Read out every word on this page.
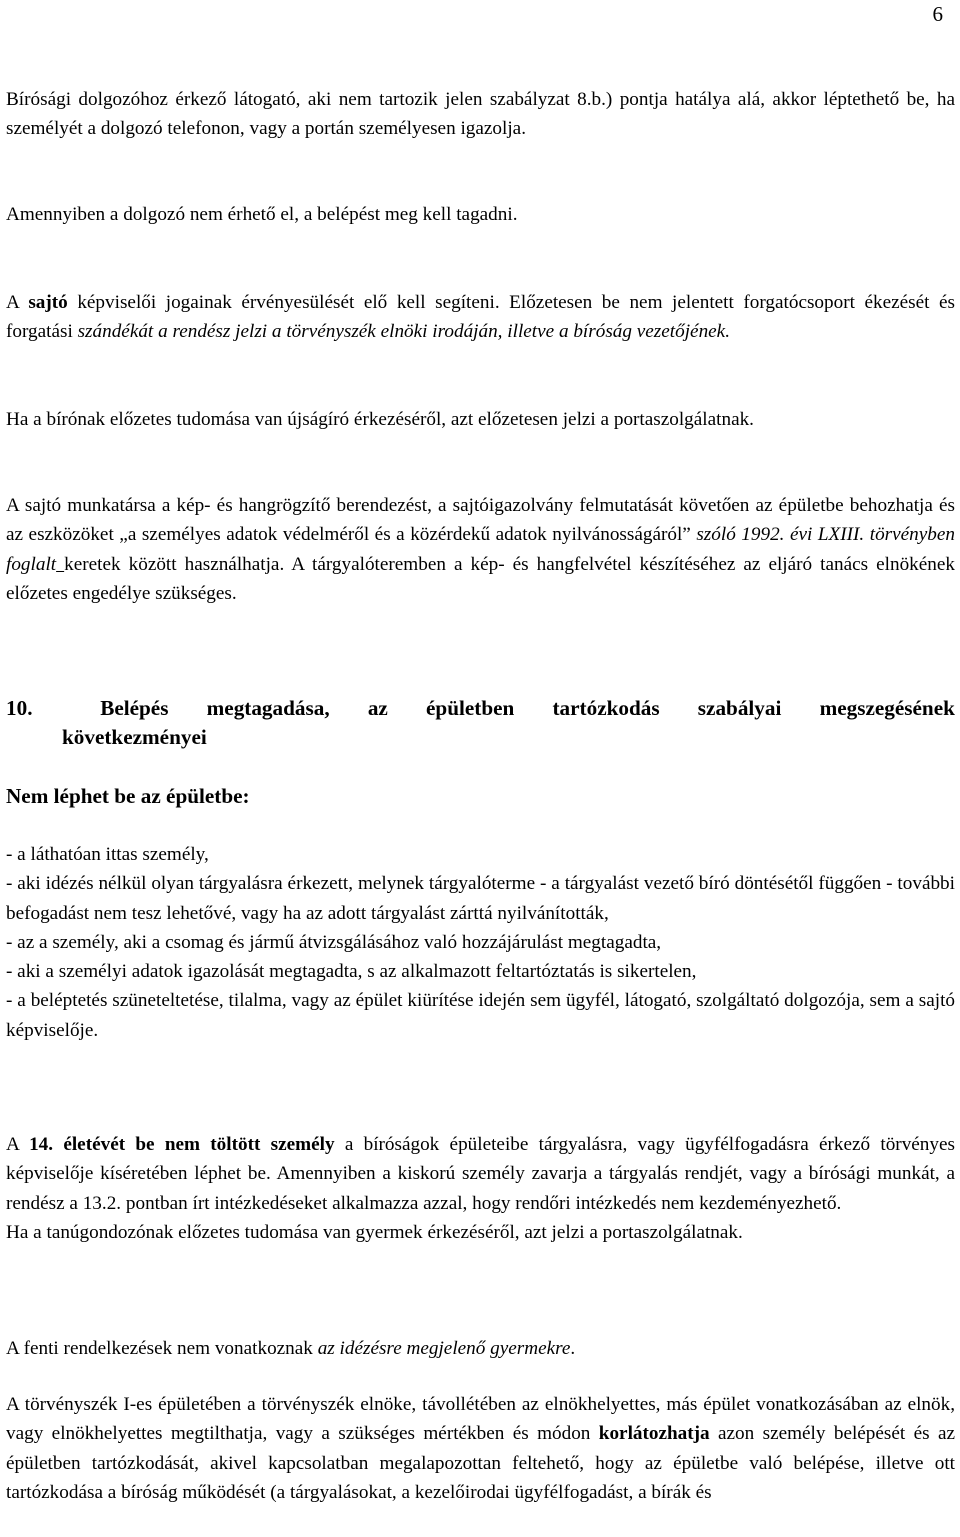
6

Bírósági dolgozóhoz érkező látogató, aki nem tartozik jelen szabályzat 8.b.) pontja hatálya alá, akkor léptethető be, ha személyét a dolgozó telefonon, vagy a portán személyesen igazolja.

Amennyiben a dolgozó nem érhető el, a belépést meg kell tagadni.

A sajtó képviselői jogainak érvényesülését elő kell segíteni. Előzetesen be nem jelentett forgatócsoport ékezését és forgatási szándékát a rendész jelzi a törvényszék elnöki irodáján, illetve a bíróság vezetőjének.

Ha a bírónak előzetes tudomása van újságíró érkezéséről, azt előzetesen jelzi a portaszolgálatnak.

A sajtó munkatársa a kép- és hangrögzítő berendezést, a sajtóigazolvány felmutatását követően az épületbe behozhatja és az eszközöket „a személyes adatok védelméről és a közérdekű adatok nyilvánosságáról” szóló 1992. évi LXIII. törvényben foglalt keretek között használhatja. A tárgyalóteremben a kép- és hangfelvétel készítéséhez az eljáró tanács elnökének előzetes engedélye szükséges.

10.	Belépés megtagadása, az épületben tartózkodás szabályai megszegésének
következményei
Nem léphet be az épületbe:
- a láthatóan ittas személy,
- aki idézés nélkül olyan tárgyalásra érkezett, melynek tárgyalóterme - a tárgyalást vezető bíró döntésétől függően - további befogadást nem tesz lehetővé, vagy ha az adott tárgyalást zárttá nyilvánították,
- az a személy, aki a csomag és jármű átvizsgálásához való hozzájárulást megtagadta,
- aki a személyi adatok igazolását megtagadta, s az alkalmazott feltartóztatás is sikertelen,
- a beléptetés szüneteltetése, tilalma, vagy az épület kiürítése idején sem ügyfél, látogató, szolgáltató dolgozója, sem a sajtó képviselője.
A 14. életévét be nem töltött személy a bíróságok épületeibe tárgyalásra, vagy ügyfélfogadásra érkező törvényes képviselője kíséretében léphet be. Amennyiben a kiskorú személy zavarja a tárgyalás rendjét, vagy a bírósági munkát, a rendész a 13.2. pontban írt intézkedéseket alkalmazza azzal, hogy rendőri intézkedés nem kezdeményezhető.
Ha a tanúgondozónak előzetes tudomása van gyermek érkezéséről, azt jelzi a portaszolgálatnak.

A fenti rendelkezések nem vonatkoznak az idézésre megjelenő gyermekre.

A törvényszék I-es épületében a törvényszék elnöke, távollétében az elnökhelyettes, más épület vonatkozásában az elnök, vagy elnökhelyettes megtilthatja, vagy a szükséges mértékben és módon korlátozhatja azon személy belépését és az épületben tartózkodását, akivel kapcsolatban megalapozottan feltehető, hogy az épületbe való belépése, illetve ott tartózkodása a bíróság működését (a tárgyalásokat, a kezelőirodai ügyfélfogadást, a bírák és
